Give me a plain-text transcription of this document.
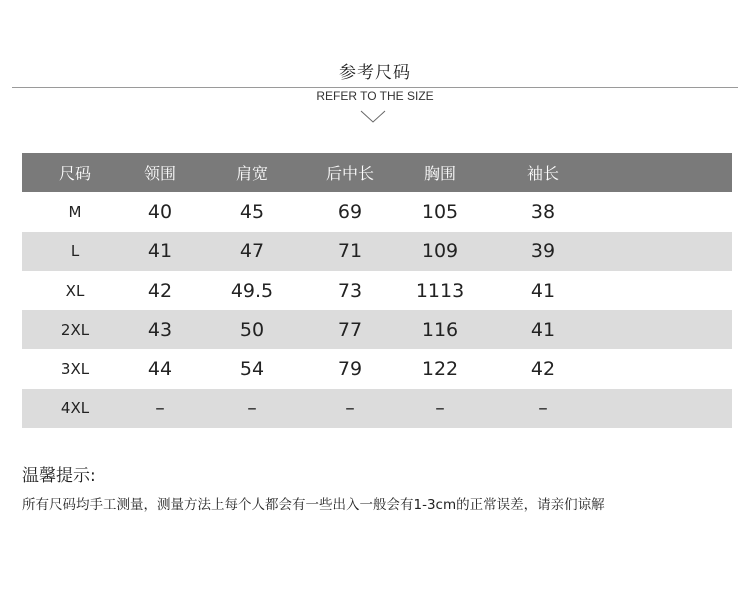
参考尺码
REFER TO THE SIZE
尺码	领围	肩宽	后中长	胸围	袖长
M	40	45	69	105	38
L	41	47	71	109	39
XL	42	49.5	73	1113	41
2XL	43	50	77	116	41
3XL	44	54	79	122	42
4XL	–	–	–	–	–
温馨提示:
所有尺码均手工测量，测量方法上每个人都会有一些出入一般会有1-3cm的正常误差，请亲们谅解
